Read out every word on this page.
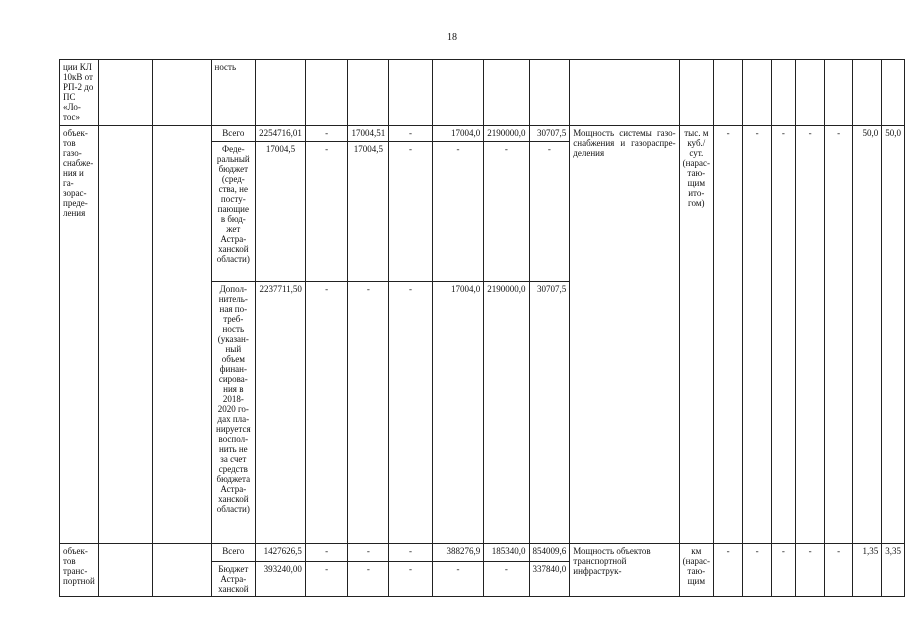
18
ции КЛ 10кВ от РП-2 до ПС «Ло-тос»			ность																
объек-тов газо-снабже-ния и га-зорас-преде-ления			Всего	2254716,01	-	17004,51	-	17004,0	2190000,0	30707,5	Мощность системы газо-снабжения и газораспре-деления	тыс. м куб./ сут. (нарас-таю-щим ито-гом)	-	-	-	-	-	50,0	50,0
			Феде-ральный бюджет (сред-ства, не посту-пающие в бюд-жет Астра-ханской области)	17004,5	-	17004,5	-	-	-	-									
			Допол-нитель-ная по-треб-ность (указан-ный объем финан-сирова-ния в 2018-2020 го-дах пла-нируется воспол-нить не за счет средств бюджета Астра-ханской области)	2237711,50	-	-	-	17004,0	2190000,0	30707,5									
объек-тов транс-портной			Всего	1427626,5	-	-	-	388276,9	185340,0	854009,6	Мощность объектов транспортной инфраструк-	км (нарас-таю-щим	-	-	-	-	-	1,35	3,35
			Бюджет Астра-ханской	393240,00	-	-	-	-	-	337840,0									
